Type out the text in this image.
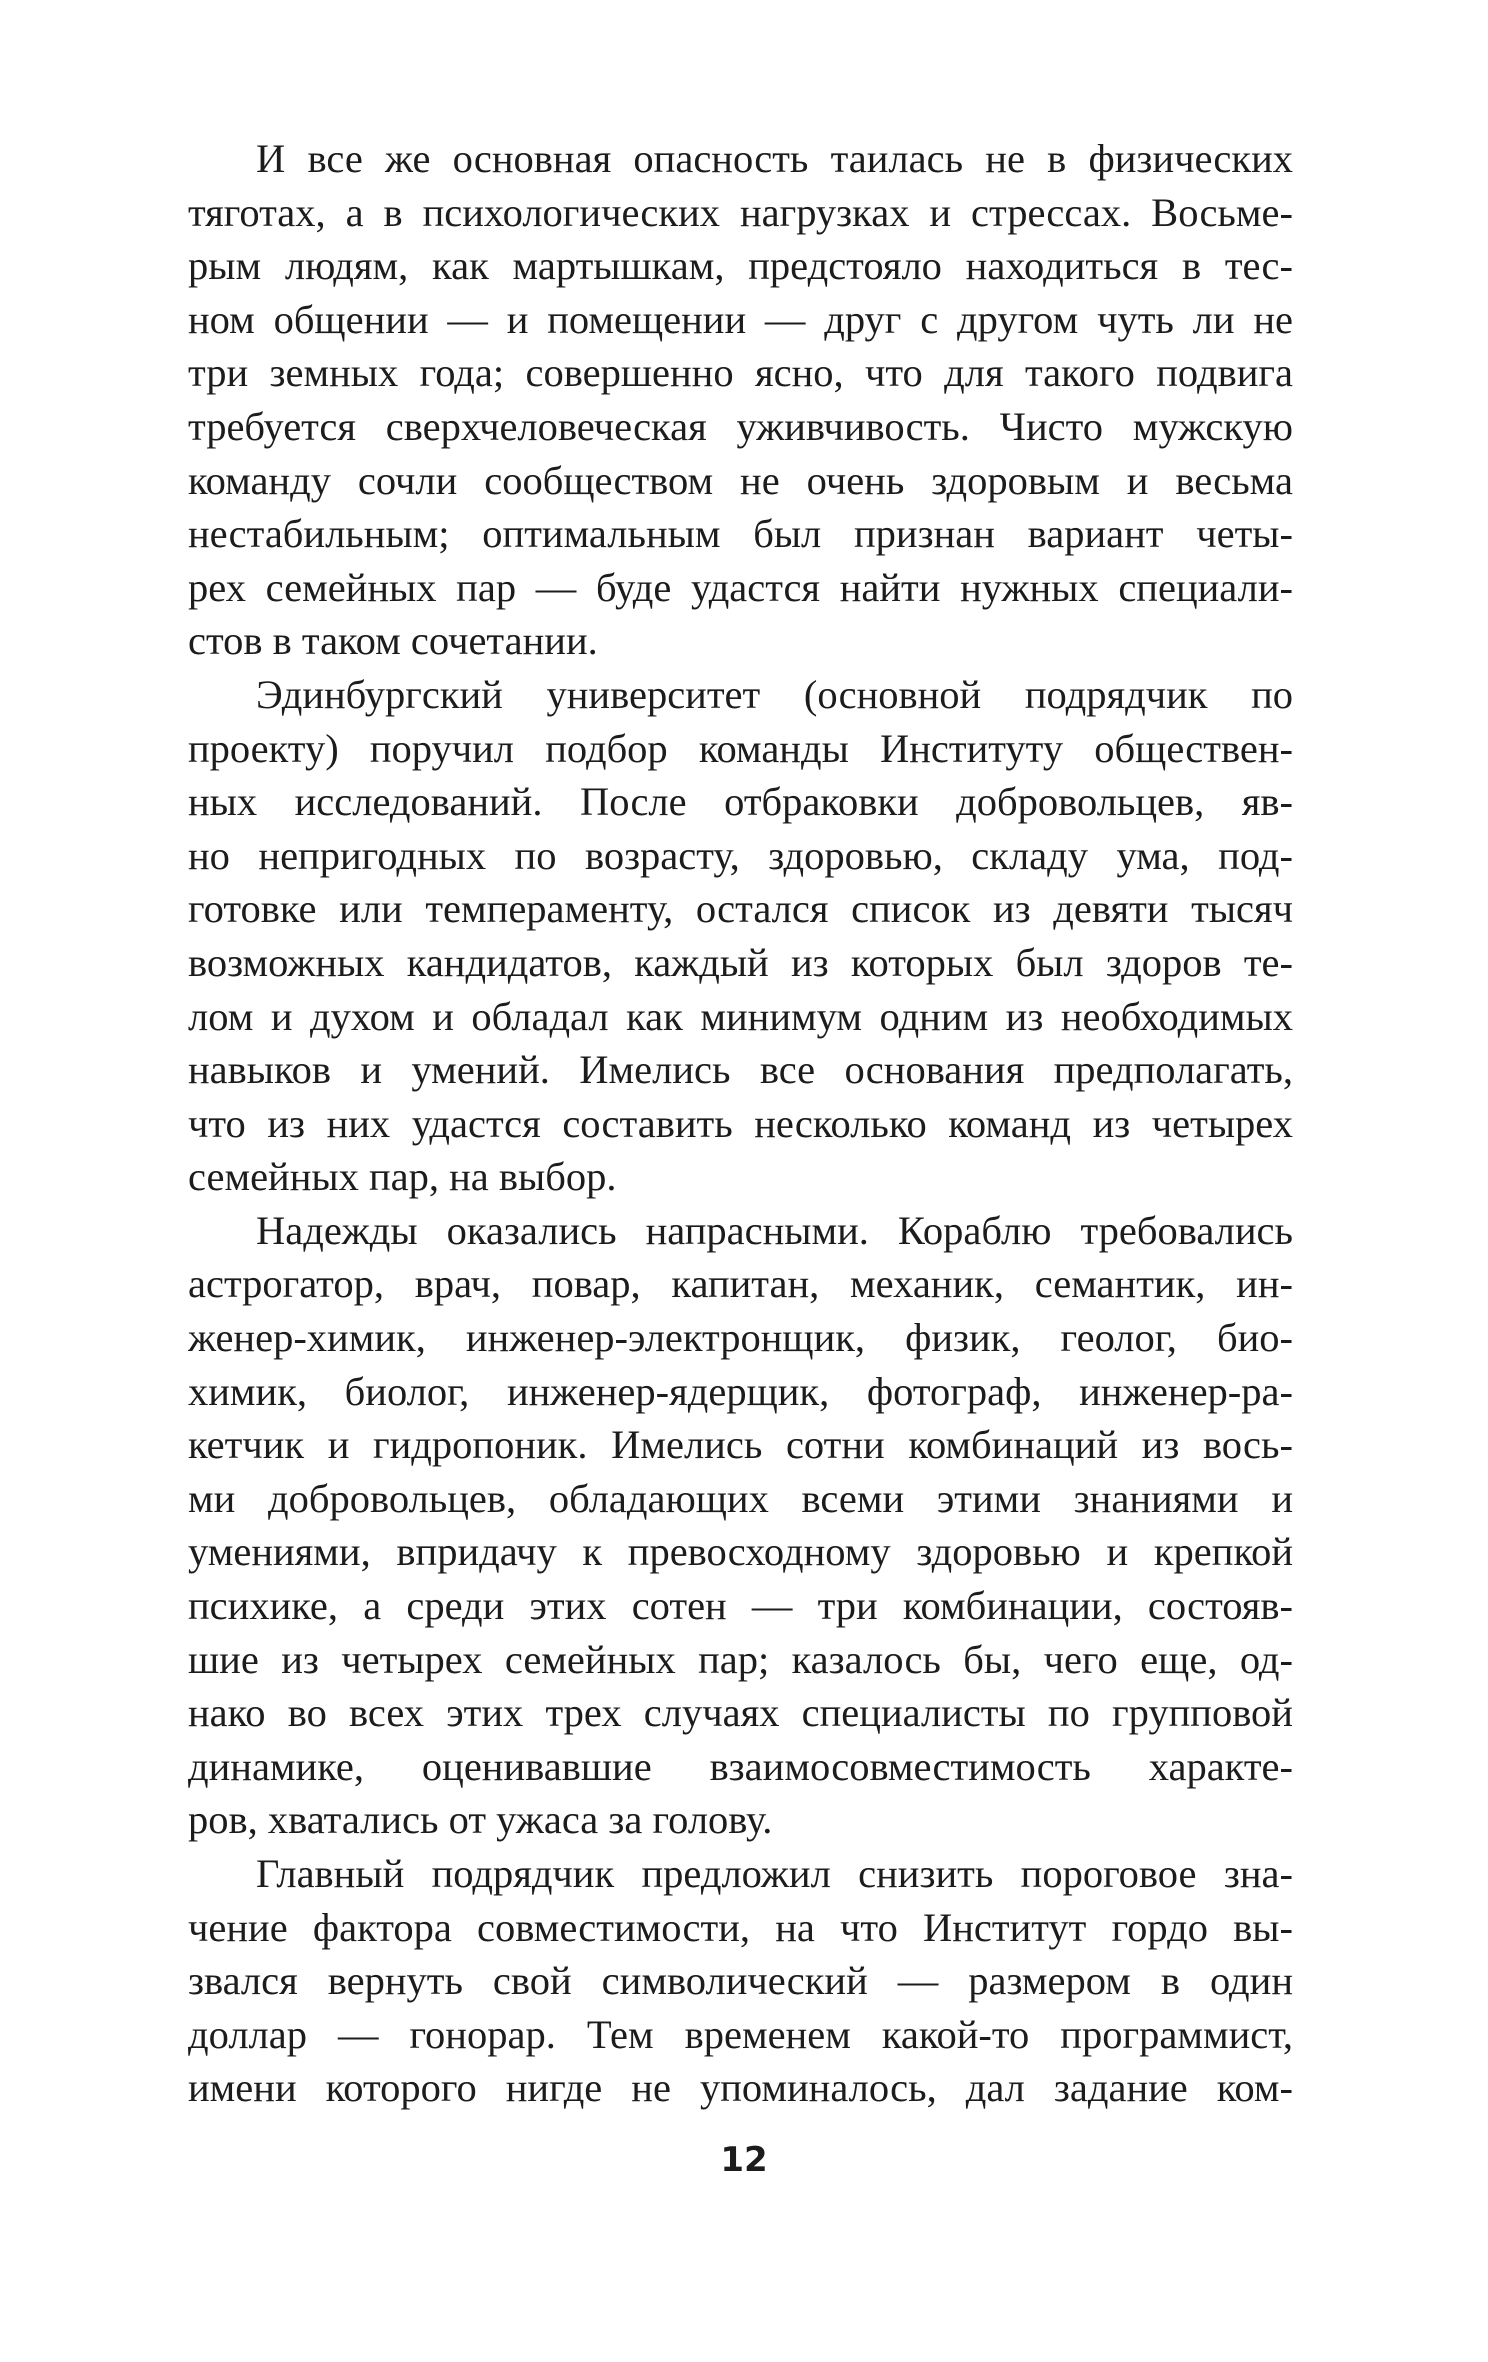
И все же основная опасность таилась не в физических
тяготах, а в психологических нагрузках и стрессах. Восьме-
рым людям, как мартышкам, предстояло находиться в тес-
ном общении — и помещении — друг с другом чуть ли не
три земных года; совершенно ясно, что для такого подвига
требуется сверхчеловеческая уживчивость. Чисто мужскую
команду сочли сообществом не очень здоровым и весьма
нестабильным; оптимальным был признан вариант четы-
рех семейных пар — буде удастся найти нужных специали-
стов в таком сочетании.
Эдинбургский университет (основной подрядчик по
проекту) поручил подбор команды Институту обществен-
ных исследований. После отбраковки добровольцев, яв-
но непригодных по возрасту, здоровью, складу ума, под-
готовке или темпераменту, остался список из девяти тысяч
возможных кандидатов, каждый из которых был здоров те-
лом и духом и обладал как минимум одним из необходимых
навыков и умений. Имелись все основания предполагать,
что из них удастся составить несколько команд из четырех
семейных пар, на выбор.
Надежды оказались напрасными. Кораблю требовались
астрогатор, врач, повар, капитан, механик, семантик, ин-
женер-химик, инженер-электронщик, физик, геолог, био-
химик, биолог, инженер-ядерщик, фотограф, инженер-ра-
кетчик и гидропоник. Имелись сотни комбинаций из вось-
ми добровольцев, обладающих всеми этими знаниями и
умениями, впридачу к превосходному здоровью и крепкой
психике, а среди этих сотен — три комбинации, состояв-
шие из четырех семейных пар; казалось бы, чего еще, од-
нако во всех этих трех случаях специалисты по групповой
динамике, оценивавшие взаимосовместимость характе-
ров, хватались от ужаса за голову.
Главный подрядчик предложил снизить пороговое зна-
чение фактора совместимости, на что Институт гордо вы-
звался вернуть свой символический — размером в один
доллар — гонорар. Тем временем какой-то программист,
имени которого нигде не упоминалось, дал задание ком-
12
